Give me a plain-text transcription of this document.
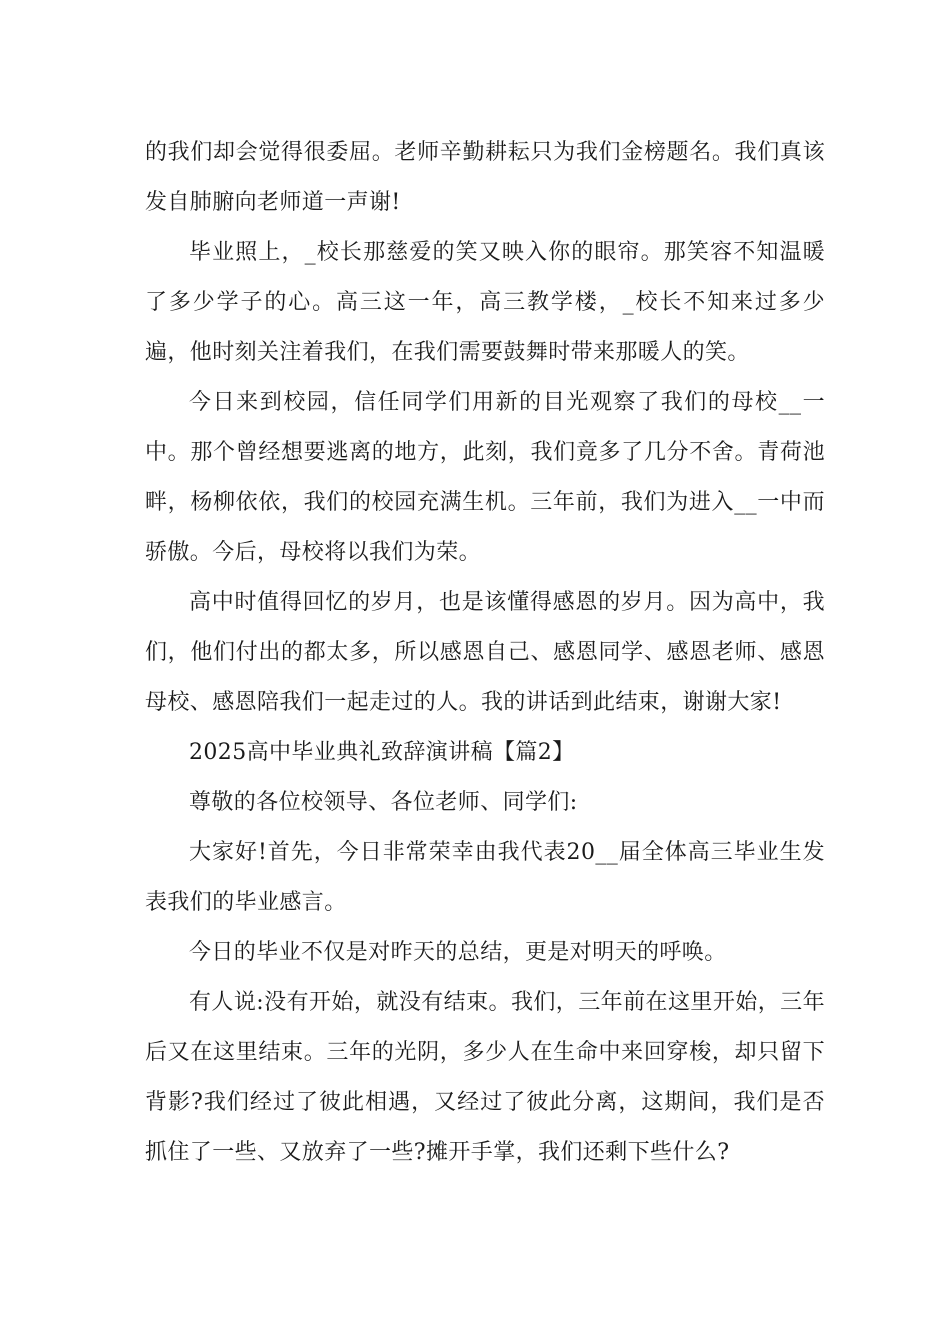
的我们却会觉得很委屈。老师辛勤耕耘只为我们金榜题名。我们真该发自肺腑向老师道一声谢!

毕业照上，_校长那慈爱的笑又映入你的眼帘。那笑容不知温暖了多少学子的心。高三这一年，高三教学楼，_校长不知来过多少遍，他时刻关注着我们，在我们需要鼓舞时带来那暖人的笑。

今日来到校园，信任同学们用新的目光观察了我们的母校__一中。那个曾经想要逃离的地方，此刻，我们竟多了几分不舍。青荷池畔，杨柳依依，我们的校园充满生机。三年前，我们为进入__一中而骄傲。今后，母校将以我们为荣。

高中时值得回忆的岁月，也是该懂得感恩的岁月。因为高中，我们，他们付出的都太多，所以感恩自己、感恩同学、感恩老师、感恩母校、感恩陪我们一起走过的人。我的讲话到此结束，谢谢大家!

2025高中毕业典礼致辞演讲稿【篇2】

尊敬的各位校领导、各位老师、同学们:

大家好!首先，今日非常荣幸由我代表20__届全体高三毕业生发表我们的毕业感言。

今日的毕业不仅是对昨天的总结，更是对明天的呼唤。

有人说:没有开始，就没有结束。我们，三年前在这里开始，三年后又在这里结束。三年的光阴，多少人在生命中来回穿梭，却只留下背影?我们经过了彼此相遇，又经过了彼此分离，这期间，我们是否抓住了一些、又放弃了一些?摊开手掌，我们还剩下些什么?
